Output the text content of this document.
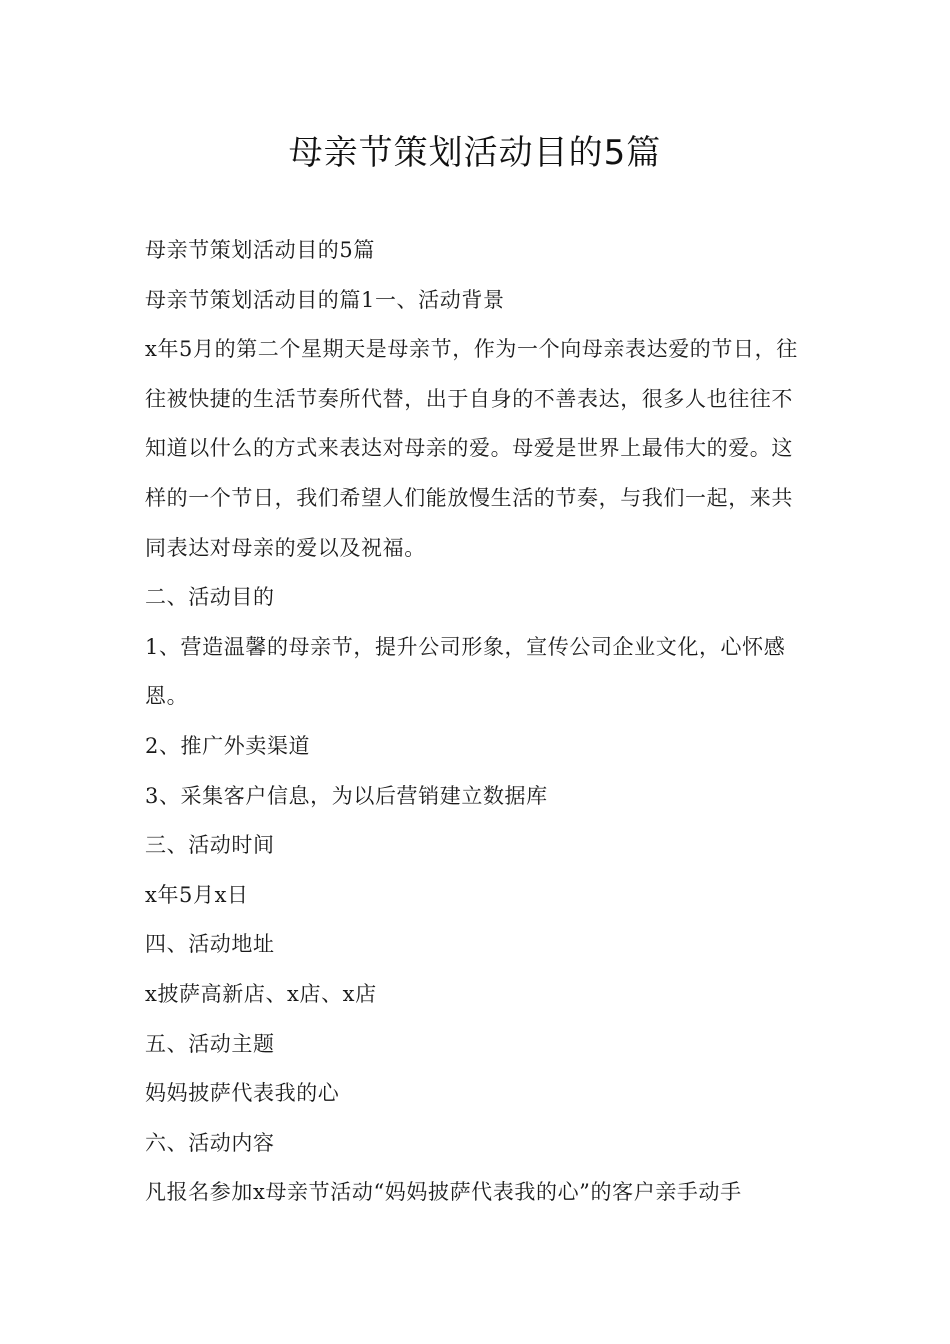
母亲节策划活动目的5篇

母亲节策划活动目的5篇

母亲节策划活动目的篇1一、活动背景

x年5月的第二个星期天是母亲节，作为一个向母亲表达爱的节日，往往被快捷的生活节奏所代替，出于自身的不善表达，很多人也往往不知道以什么的方式来表达对母亲的爱。母爱是世界上最伟大的爱。这样的一个节日，我们希望人们能放慢生活的节奏，与我们一起，来共同表达对母亲的爱以及祝福。

二、活动目的

1、营造温馨的母亲节，提升公司形象，宣传公司企业文化，心怀感恩。

2、推广外卖渠道

3、采集客户信息，为以后营销建立数据库

三、活动时间

x年5月x日

四、活动地址

x披萨高新店、x店、x店

五、活动主题

妈妈披萨代表我的心

六、活动内容

凡报名参加x母亲节活动“妈妈披萨代表我的心”的客户亲手动手
